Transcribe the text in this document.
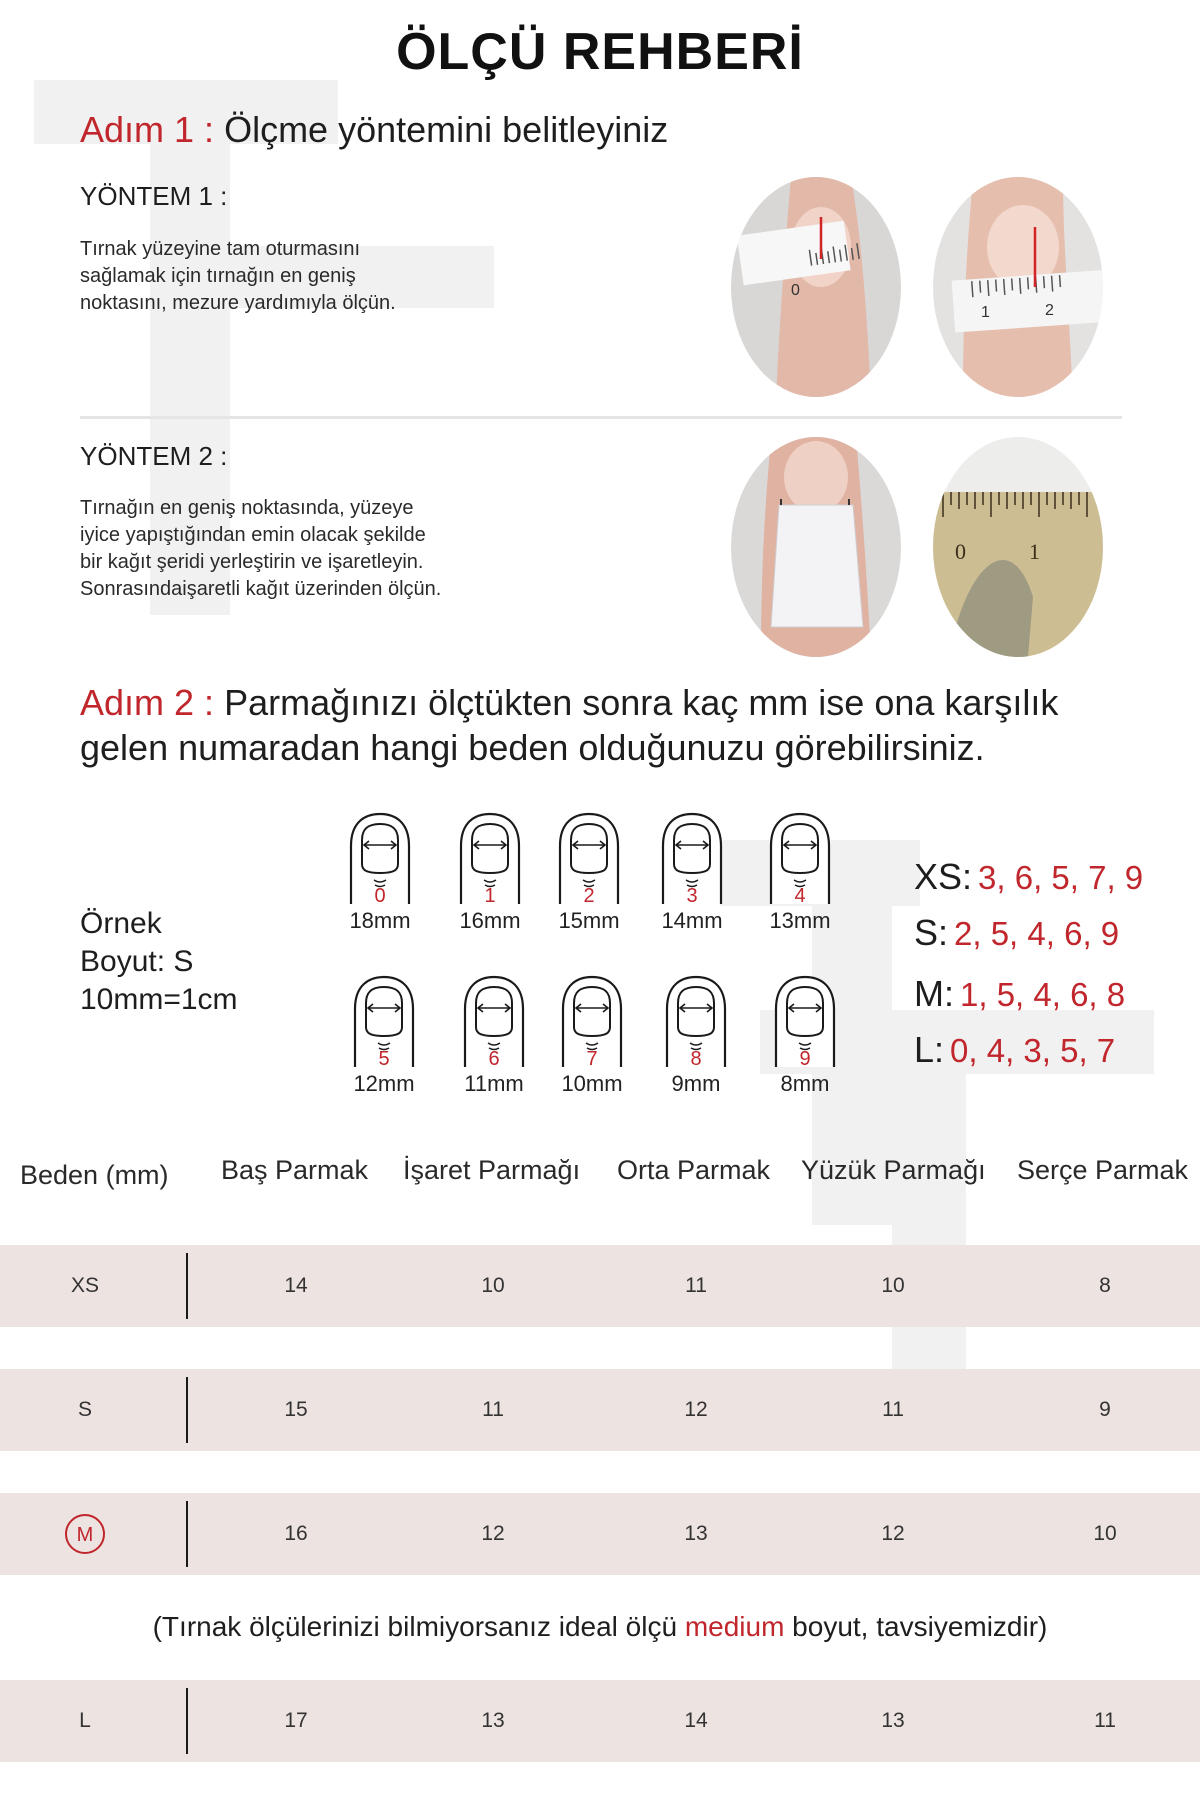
ÖLÇÜ REHBERİ
Adım 1 : Ölçme yöntemini belitleyiniz
YÖNTEM 1 :
Tırnak yüzeyine tam oturmasını
sağlamak için tırnağın en geniş
noktasını, mezure yardımıyla ölçün.
0
1	2
YÖNTEM 2 :
Tırnağın en geniş noktasında, yüzeye
iyice yapıştığından emin olacak şekilde
bir kağıt şeridi yerleştirin ve işaretleyin.
Sonrasındaişaretli kağıt üzerinden ölçün.
0	1
Adım 2 : Parmağınızı ölçtükten sonra kaç mm ise ona karşılık
gelen numaradan hangi beden olduğunuzu görebilirsiniz.
Örnek
Boyut: S
10mm=1cm
0
18mm
1
16mm
2
15mm
3
14mm
4
13mm
5
12mm
6
11mm
7
10mm
8
9mm
9
8mm
XS: 3, 6, 5, 7, 9
S: 2, 5, 4, 6, 9
M: 1, 5, 4, 6, 8
L: 0, 4, 3, 5, 7
Beden (mm) Baş Parmak İşaret Parmağı Orta Parmak Yüzük Parmağı Serçe Parmak
XS	14	10	11	10	8
S	15	11	12	11	9
M	16	12	13	12	10
(Tırnak ölçülerinizi bilmiyorsanız ideal ölçü medium boyut, tavsiyemizdir)
L	17	13	14	13	11
